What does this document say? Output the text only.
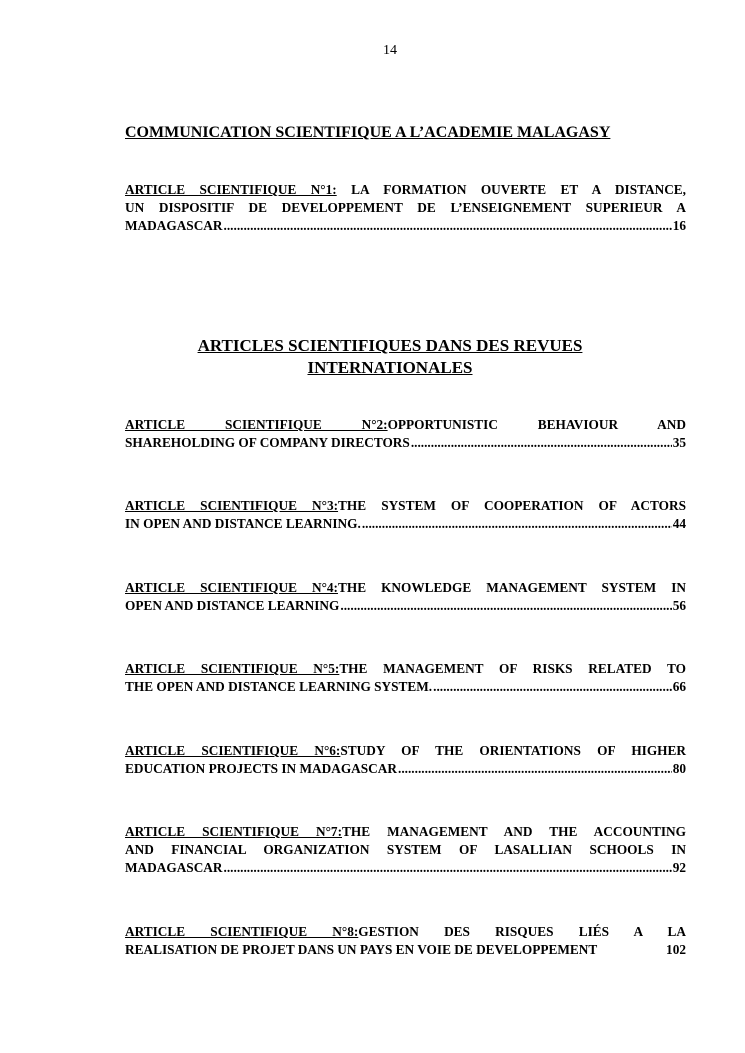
14
COMMUNICATION SCIENTIFIQUE A L’ACADEMIE MALAGASY
ARTICLE SCIENTIFIQUE N°1: LA FORMATION OUVERTE ET A DISTANCE,
UN DISPOSITIF DE DEVELOPPEMENT DE L’ENSEIGNEMENT SUPERIEUR A
MADAGASCAR .....	16
ARTICLES SCIENTIFIQUES DANS DES REVUES
INTERNATIONALES
ARTICLE SCIENTIFIQUE N°2:OPPORTUNISTIC BEHAVIOUR AND
SHAREHOLDING OF COMPANY DIRECTORS .....	35
ARTICLE SCIENTIFIQUE N°3:THE SYSTEM OF COOPERATION OF ACTORS
IN OPEN AND DISTANCE LEARNING. .....	44
ARTICLE SCIENTIFIQUE N°4:THE KNOWLEDGE MANAGEMENT SYSTEM IN
OPEN AND DISTANCE LEARNING .....	56
ARTICLE SCIENTIFIQUE N°5:THE MANAGEMENT OF RISKS RELATED TO
THE OPEN AND DISTANCE LEARNING SYSTEM. .....	66
ARTICLE SCIENTIFIQUE N°6:STUDY OF THE ORIENTATIONS OF HIGHER
EDUCATION PROJECTS IN MADAGASCAR .....	80
ARTICLE SCIENTIFIQUE N°7:THE MANAGEMENT AND THE ACCOUNTING
AND FINANCIAL ORGANIZATION SYSTEM OF LASALLIAN SCHOOLS IN
MADAGASCAR .....	92
ARTICLE SCIENTIFIQUE N°8:GESTION DES RISQUES LIÉS A LA
REALISATION DE PROJET DANS UN PAYS EN VOIE DE DEVELOPPEMENT	102
